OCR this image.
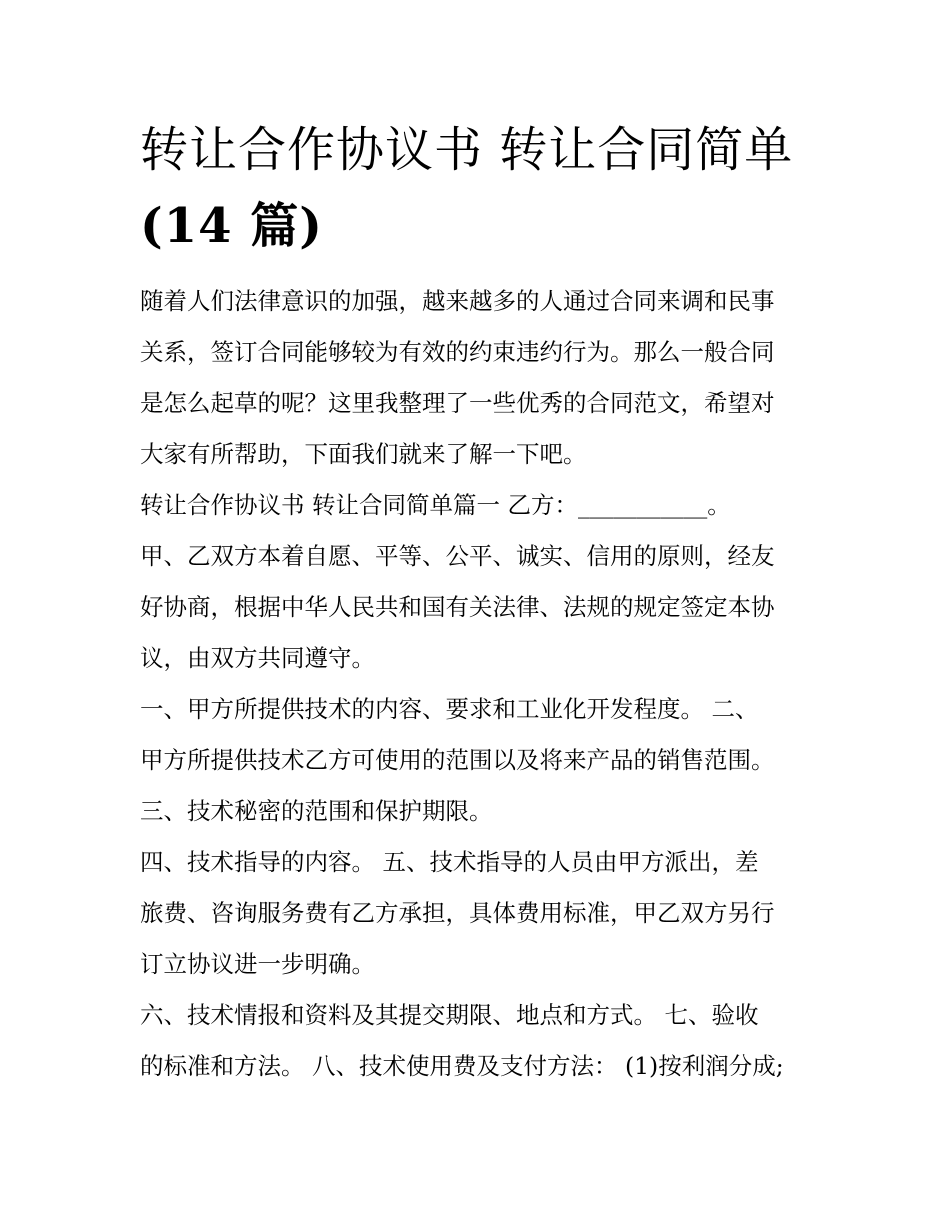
转让合作协议书 转让合同简单
(14 篇)

随着人们法律意识的加强，越来越多的人通过合同来调和民事
关系，签订合同能够较为有效的约束违约行为。那么一般合同
是怎么起草的呢？这里我整理了一些优秀的合同范文，希望对
大家有所帮助，下面我们就来了解一下吧。

转让合作协议书 转让合同简单篇一 乙方：___________。

甲、乙双方本着自愿、平等、公平、诚实、信用的原则，经友
好协商，根据中华人民共和国有关法律、法规的规定签定本协
议，由双方共同遵守。

一、甲方所提供技术的内容、要求和工业化开发程度。 二、
甲方所提供技术乙方可使用的范围以及将来产品的销售范围。
三、技术秘密的范围和保护期限。

四、技术指导的内容。 五、技术指导的人员由甲方派出，差
旅费、咨询服务费有乙方承担，具体费用标准，甲乙双方另行
订立协议进一步明确。

六、技术情报和资料及其提交期限、地点和方式。 七、验收
的标准和方法。 八、技术使用费及支付方法： (1)按利润分成;
